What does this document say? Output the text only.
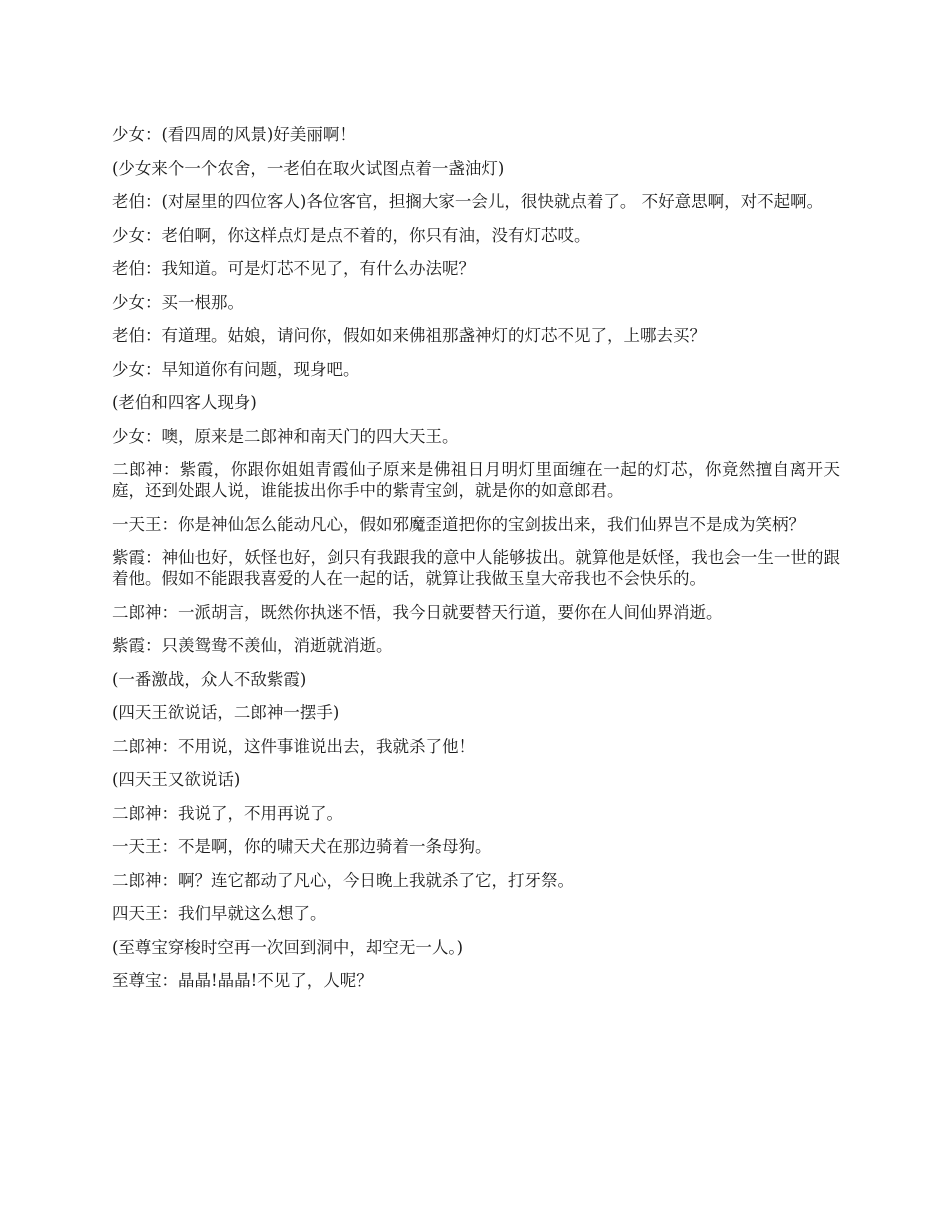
少女：(看四周的风景)好美丽啊！

(少女来个一个农舍，一老伯在取火试图点着一盏油灯)

老伯：(对屋里的四位客人)各位客官，担搁大家一会儿，很快就点着了。 不好意思啊，对不起啊。

少女：老伯啊，你这样点灯是点不着的，你只有油，没有灯芯哎。

老伯：我知道。可是灯芯不见了，有什么办法呢？

少女：买一根那。

老伯：有道理。姑娘，请问你，假如如来佛祖那盏神灯的灯芯不见了，上哪去买？

少女：早知道你有问题，现身吧。

(老伯和四客人现身)

少女：噢，原来是二郎神和南天门的四大天王。

二郎神：紫霞，你跟你姐姐青霞仙子原来是佛祖日月明灯里面缠在一起的灯芯，你竟然擅自离开天庭，还到处跟人说，谁能拔出你手中的紫青宝剑，就是你的如意郎君。

一天王：你是神仙怎么能动凡心，假如邪魔歪道把你的宝剑拔出来，我们仙界岂不是成为笑柄？

紫霞：神仙也好，妖怪也好，剑只有我跟我的意中人能够拔出。就算他是妖怪，我也会一生一世的跟着他。假如不能跟我喜爱的人在一起的话，就算让我做玉皇大帝我也不会快乐的。

二郎神：一派胡言，既然你执迷不悟，我今日就要替天行道，要你在人间仙界消逝。

紫霞：只羡鸳鸯不羡仙，消逝就消逝。

(一番激战，众人不敌紫霞)

(四天王欲说话，二郎神一摆手)

二郎神：不用说，这件事谁说出去，我就杀了他！

(四天王又欲说话)

二郎神：我说了，不用再说了。

一天王：不是啊，你的啸天犬在那边骑着一条母狗。

二郎神：啊？连它都动了凡心，今日晚上我就杀了它，打牙祭。

四天王：我们早就这么想了。

(至尊宝穿梭时空再一次回到洞中，却空无一人。)

至尊宝：晶晶!晶晶!不见了，人呢？
